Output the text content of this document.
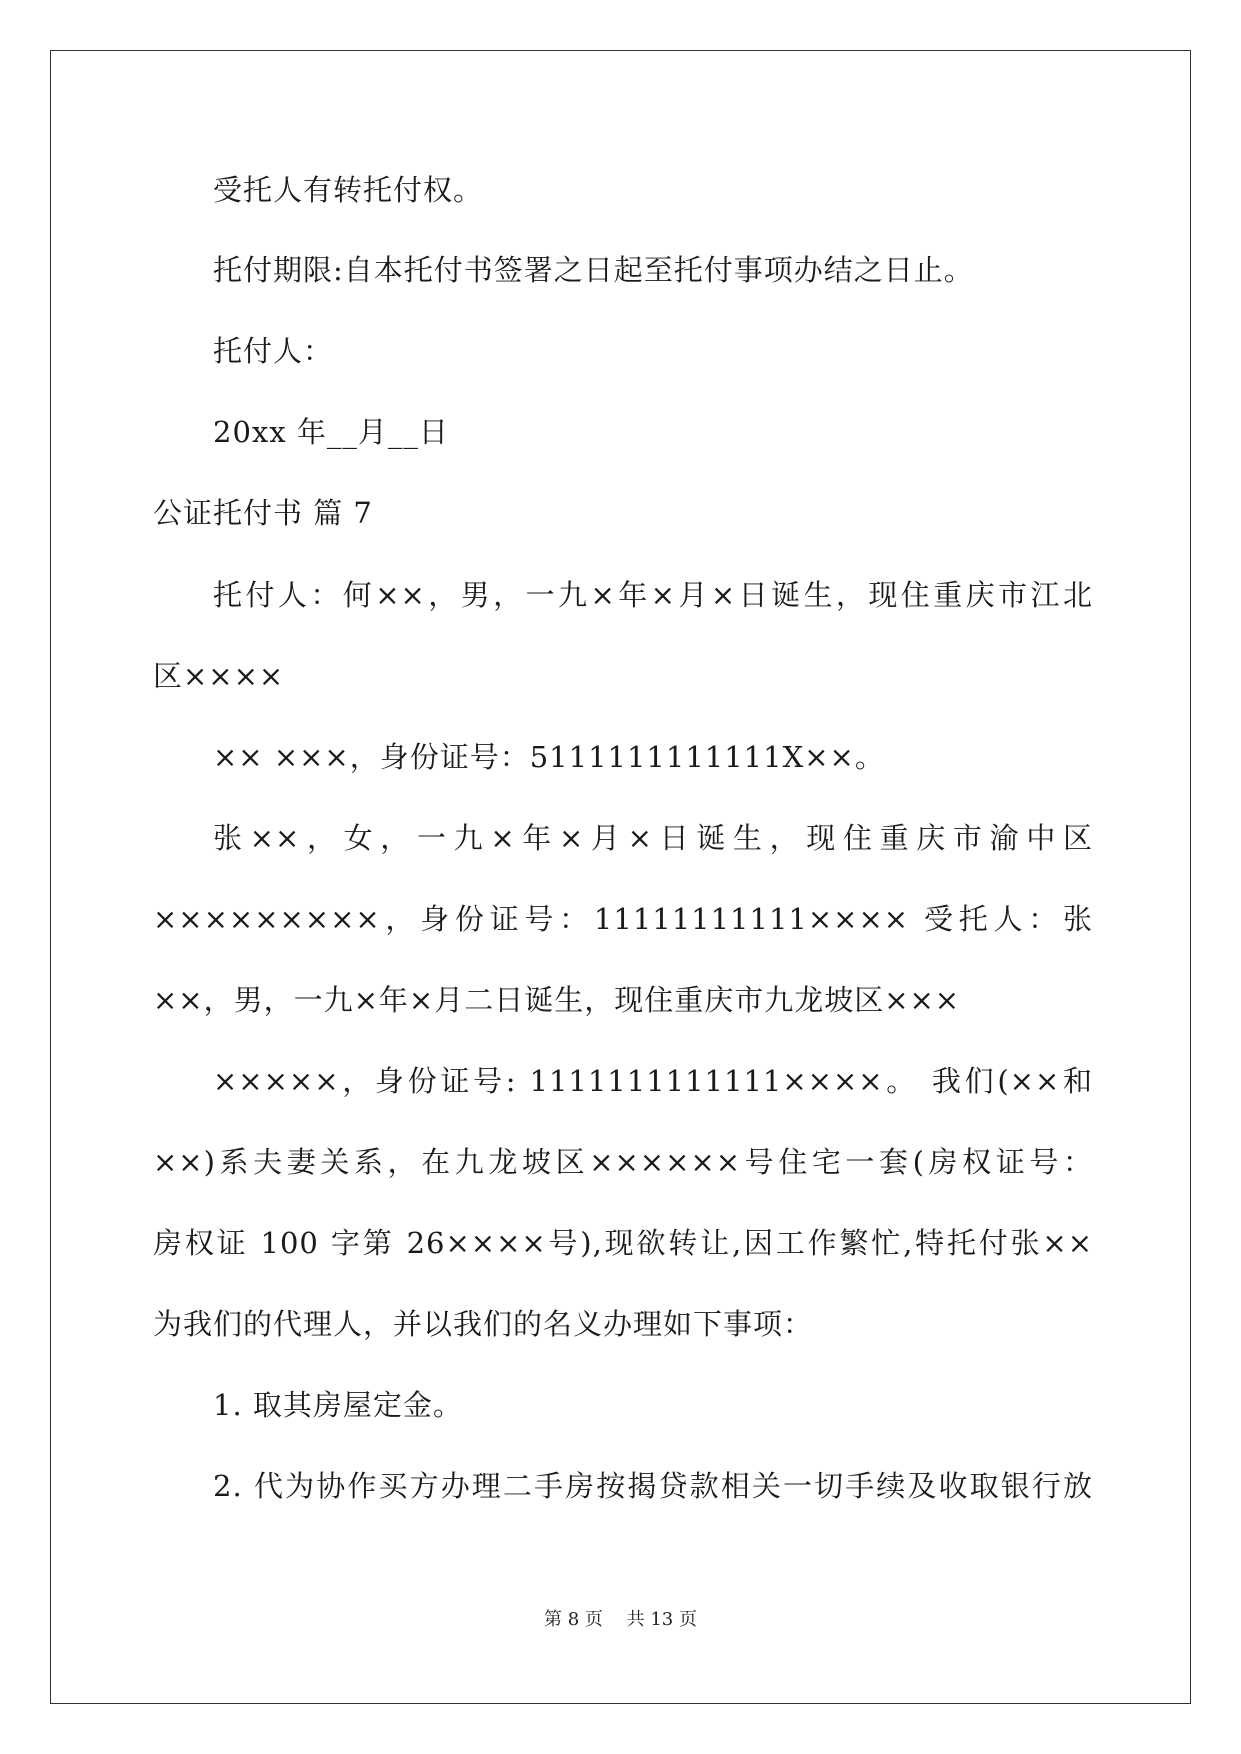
受托人有转托付权。
托付期限:自本托付书签署之日起至托付事项办结之日止。
托付人：
20xx 年__月__日
公证托付书 篇 7
托付人：何××，男，一九×年×月×日诞生，现住重庆市江北
区××××
×× ×××，身份证号：5111111111111X××。
张××，女，一九×年×月×日诞生，现住重庆市渝中区
×××××××××，身份证号：11111111111×××× 受托人：张
××，男，一九×年×月二日诞生，现住重庆市九龙坡区×××
×××××，身份证号: 1111111111111××××。 我们(××和
××)系夫妻关系，在九龙坡区××××××号住宅一套(房权证号：
房权证 100 字第 26××××号),现欲转让,因工作繁忙,特托付张××
为我们的代理人，并以我们的名义办理如下事项：
1. 取其房屋定金。
2. 代为协作买方办理二手房按揭贷款相关一切手续及收取银行放
第 8 页　 共 13 页
